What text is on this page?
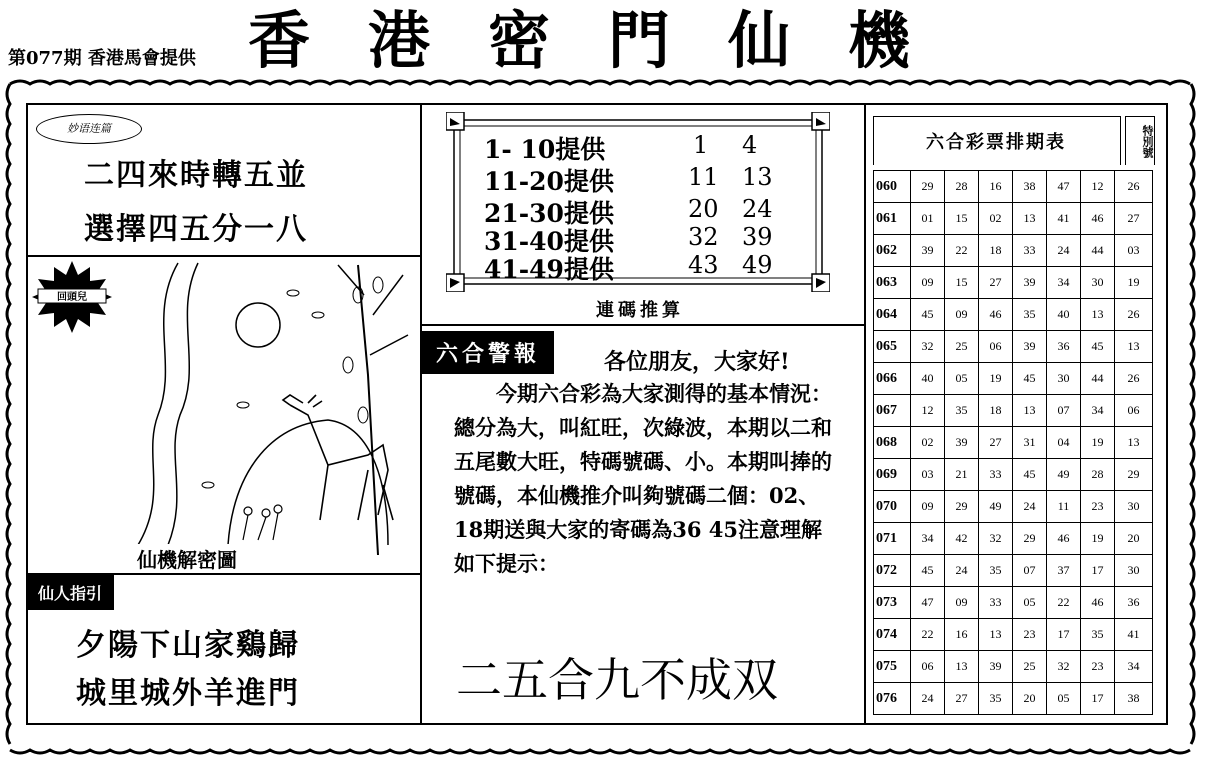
第077期 香港馬會提供 香港密門仙機
妙语连篇
二四來時轉五並
選擇四五分一八
回頭兒
仙機解密圖
仙人指引
夕陽下山家鷄歸
城里城外羊進門
1- 10提供	1 4
11-20提供	11 13
21-30提供	20 24
31-40提供	32 39
41-49提供	43 49
連碼推算
六合警報	各位朋友，大家好!
　　今期六合彩為大家測得的基本情況：總分為大，叫紅旺，次綠波，本期以二和五尾數大旺，特碼號碼、小。本期叫捧的號碼，本仙機推介叫夠號碼二個：02、18期送與大家的寄碼為36 45注意理解如下提示：
二五合九不成双
六合彩票排期表	特別號
060	29	28	16	38	47	12	26
061	01	15	02	13	41	46	27
062	39	22	18	33	24	44	03
063	09	15	27	39	34	30	19
064	45	09	46	35	40	13	26
065	32	25	06	39	36	45	13
066	40	05	19	45	30	44	26
067	12	35	18	13	07	34	06
068	02	39	27	31	04	19	13
069	03	21	33	45	49	28	29
070	09	29	49	24	11	23	30
071	34	42	32	29	46	19	20
072	45	24	35	07	37	17	30
073	47	09	33	05	22	46	36
074	22	16	13	23	17	35	41
075	06	13	39	25	32	23	34
076	24	27	35	20	05	17	38
